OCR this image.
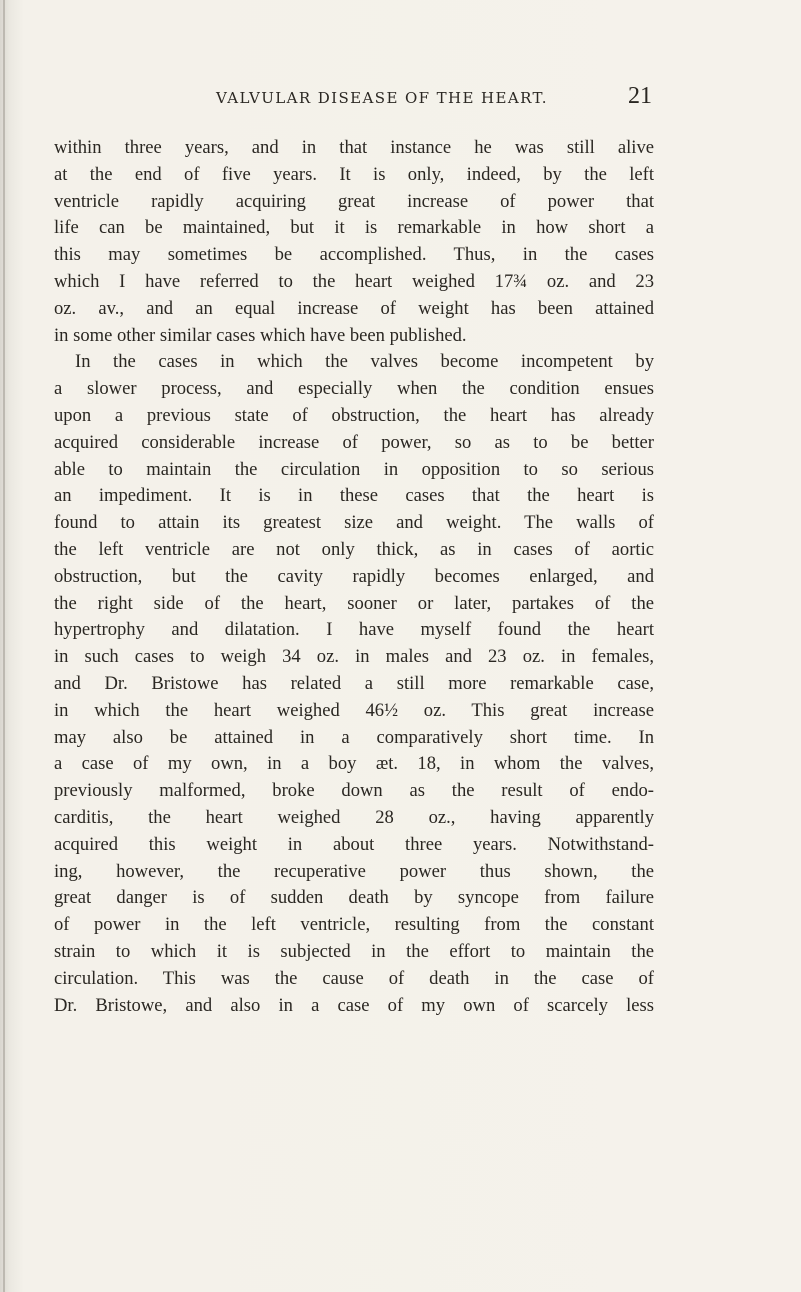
VALVULAR DISEASE OF THE HEART.	21
within three years, and in that instance he was still alive
at the end of five years. It is only, indeed, by the left
ventricle rapidly acquiring great increase of power that
life can be maintained, but it is remarkable in how short a
this may sometimes be accomplished. Thus, in the cases
which I have referred to the heart weighed 17¾ oz. and 23
oz. av., and an equal increase of weight has been attained
in some other similar cases which have been published.
In the cases in which the valves become incompetent by
a slower process, and especially when the condition ensues
upon a previous state of obstruction, the heart has already
acquired considerable increase of power, so as to be better
able to maintain the circulation in opposition to so serious
an impediment. It is in these cases that the heart is
found to attain its greatest size and weight. The walls of
the left ventricle are not only thick, as in cases of aortic
obstruction, but the cavity rapidly becomes enlarged, and
the right side of the heart, sooner or later, partakes of the
hypertrophy and dilatation. I have myself found the heart
in such cases to weigh 34 oz. in males and 23 oz. in females,
and Dr. Bristowe has related a still more remarkable case,
in which the heart weighed 46½ oz. This great increase
may also be attained in a comparatively short time. In
a case of my own, in a boy æt. 18, in whom the valves,
previously malformed, broke down as the result of endo-
carditis, the heart weighed 28 oz., having apparently
acquired this weight in about three years. Notwithstand-
ing, however, the recuperative power thus shown, the
great danger is of sudden death by syncope from failure
of power in the left ventricle, resulting from the constant
strain to which it is subjected in the effort to maintain the
circulation. This was the cause of death in the case of
Dr. Bristowe, and also in a case of my own of scarcely less
